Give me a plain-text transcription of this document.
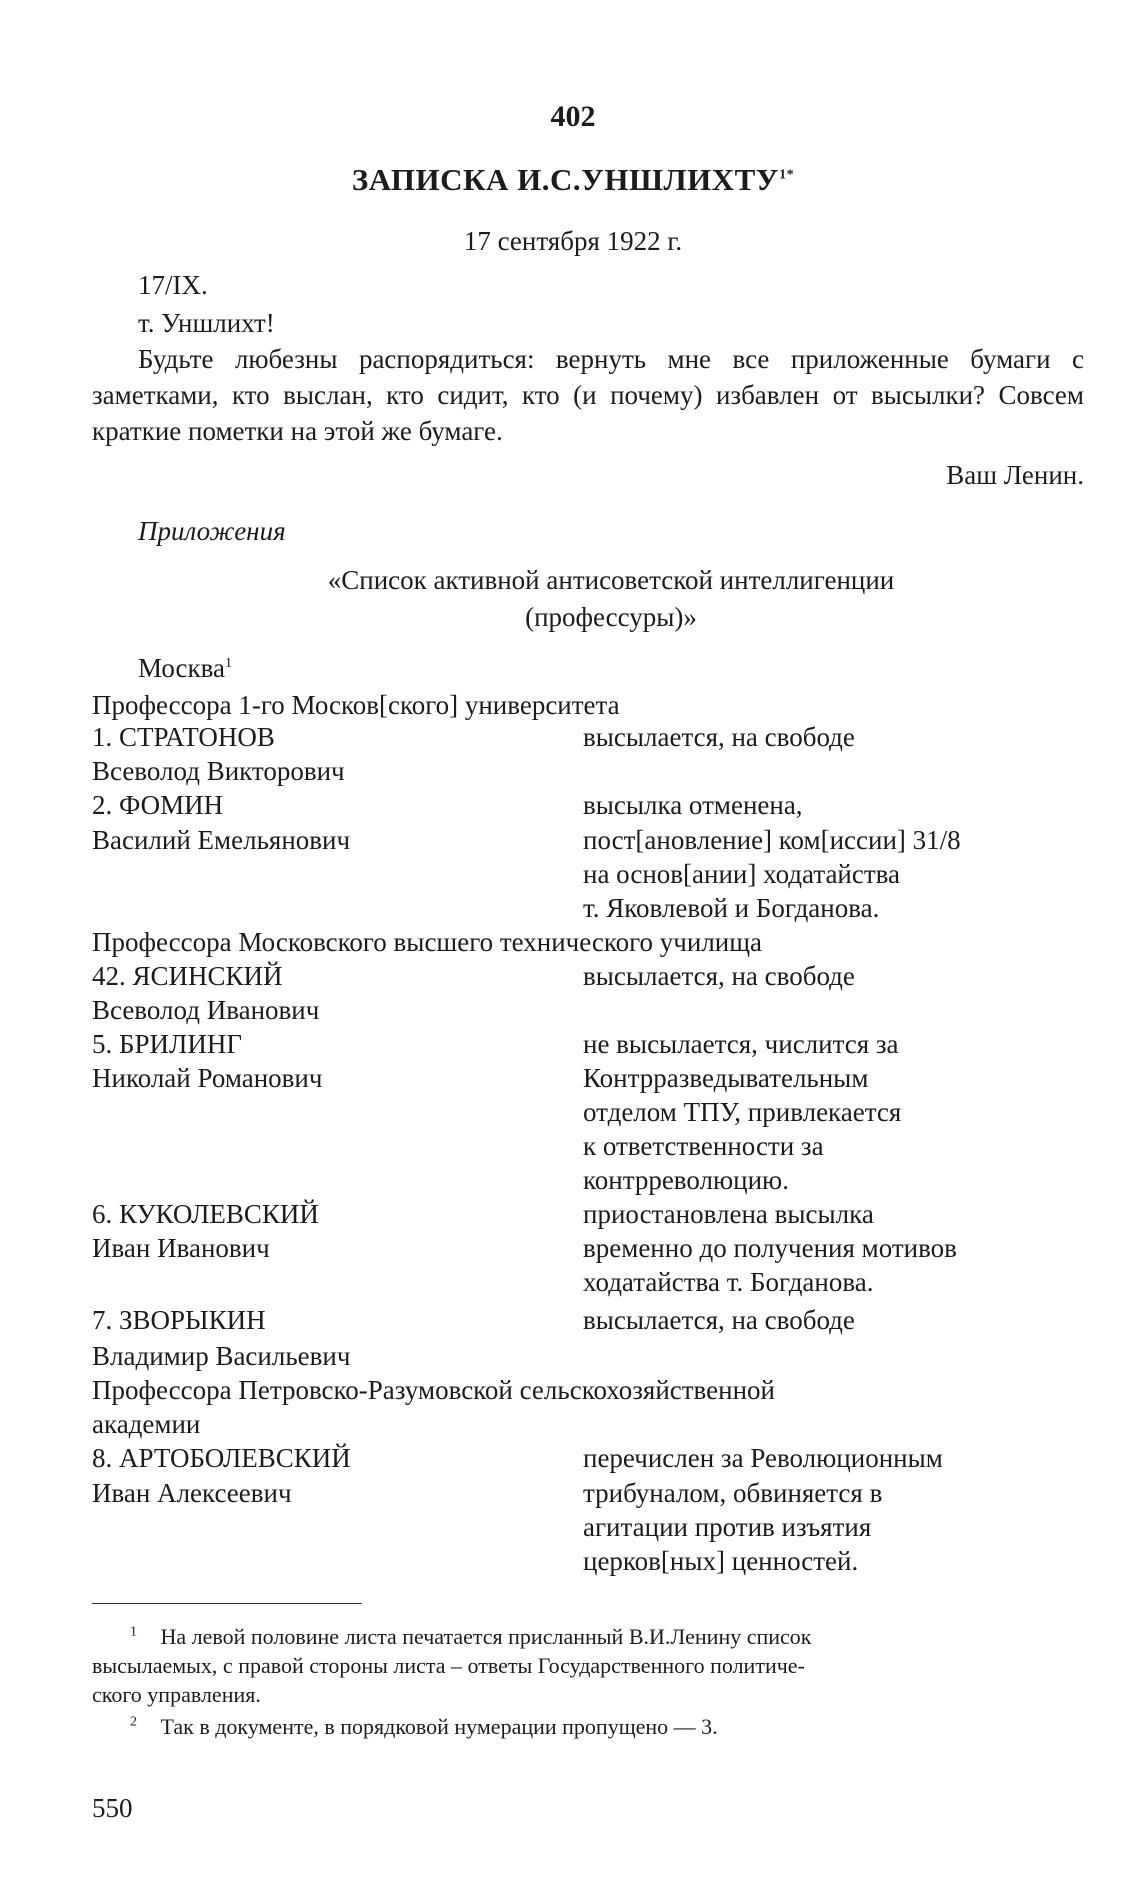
402
ЗАПИСКА $И.С.УНШЛИХТУ^{1*}$
17 сентября 1922 г.
17/IX.
т. Уншлихт!
Будьте любезны распорядиться: вернуть мне все приложенные бумаги с заметками, кто выслан, кто сидит, кто (и почему) избавлен от высылки? Совсем краткие пометки на этой же бумаге.
Ваш Ленин.
Приложения
«Список активной антисоветской интеллигенции
(профессуры)»
Москва$^1$
Профессора 1-го Москов[ского] университета
1. СТРАТОНОВ
Всеволод Викторович
высылается, на свободе
2. ФОМИН
Василий Емельянович
высылка отменена,
пост[ановление] ком[иссии] 31/8
на основ[ании] ходатайства
т. Яковлевой и Богданова.
Профессора Московского высшего технического училища
42. ЯСИНСКИЙ
Всеволод Иванович
высылается, на свободе
5. БРИЛИНГ
Николай Романович
не высылается, числится за
Контрразведывательным
отделом ТПУ, привлекается
к ответственности за
контрреволюцию.
6. КУКОЛЕВСКИЙ
Иван Иванович
приостановлена высылка
временно до получения мотивов
ходатайства т. Богданова.
7. ЗВОРЫКИН
Владимир Васильевич
высылается, на свободе
Профессора Петровско-Разумовской сельскохозяйственной
академии
8. АРТОБОЛЕВСКИЙ
Иван Алексеевич
перечислен за Революционным
трибуналом, обвиняется в
агитации против изъятия
церков[ных] ценностей.
$^1$ На левой половине листа печатается присланный В.И.Ленину список
высылаемых, с правой стороны листа – ответы Государственного политиче-
ского управления.
$^2$ Так в документе, в порядковой нумерации пропущено — 3.
550
